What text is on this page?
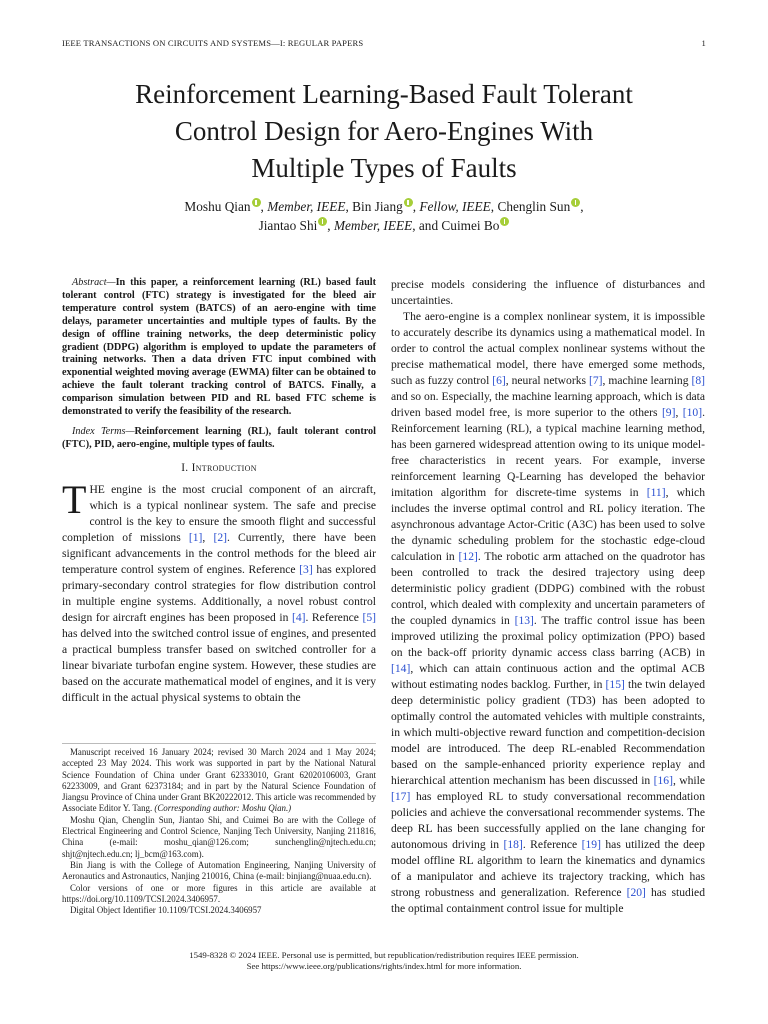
IEEE TRANSACTIONS ON CIRCUITS AND SYSTEMS—I: REGULAR PAPERS	1
Reinforcement Learning-Based Fault Tolerant
Control Design for Aero-Engines With
Multiple Types of Faults
Moshu Qian , Member, IEEE, Bin Jiang , Fellow, IEEE, Chenglin Sun ,
Jiantao Shi , Member, IEEE, and Cuimei Bo

Abstract—In this paper, a reinforcement learning (RL) based fault tolerant control (FTC) strategy is investigated for the bleed air temperature control system (BATCS) of an aero-engine with time delays, parameter uncertainties and multiple types of faults. By the design of offline training networks, the deep deterministic policy gradient (DDPG) algorithm is employed to update the parameters of training networks. Then a data driven FTC input combined with exponential weighted moving average (EWMA) filter can be obtained to achieve the fault tolerant tracking control of BATCS. Finally, a comparison simulation between PID and RL based FTC scheme is demonstrated to verify the feasibility of the research.

Index Terms—Reinforcement learning (RL), fault tolerant control (FTC), PID, aero-engine, multiple types of faults.

I. Introduction

THE engine is the most crucial component of an aircraft, which is a typical nonlinear system. The safe and precise control is the key to ensure the smooth flight and successful completion of missions [1], [2]. Currently, there have been significant advancements in the control methods for the bleed air temperature control system of engines. Reference [3] has explored primary-secondary control strategies for flow distribution control in multiple engine systems. Additionally, a novel robust control design for aircraft engines has been proposed in [4]. Reference [5] has delved into the switched control issue of engines, and presented a practical bumpless transfer based on switched controller for a linear bivariate turbofan engine system. However, these studies are based on the accurate mathematical model of engines, and it is very difficult in the actual physical systems to obtain the

Manuscript received 16 January 2024; revised 30 March 2024 and 1 May 2024; accepted 23 May 2024. This work was supported in part by the National Natural Science Foundation of China under Grant 62333010, Grant 62020106003, Grant 62233009, and Grant 62373184; and in part by the Natural Science Foundation of Jiangsu Province of China under Grant BK20222012. This article was recommended by Associate Editor Y. Tang. (Corresponding author: Moshu Qian.)

Moshu Qian, Chenglin Sun, Jiantao Shi, and Cuimei Bo are with the College of Electrical Engineering and Control Science, Nanjing Tech University, Nanjing 211816, China (e-mail: moshu_qian@126.com; sunchenglin@njtech.edu.cn; shjt@njtech.edu.cn; lj_bcm@163.com).

Bin Jiang is with the College of Automation Engineering, Nanjing University of Aeronautics and Astronautics, Nanjing 210016, China (e-mail: binjiang@nuaa.edu.cn).

Color versions of one or more figures in this article are available at https://doi.org/10.1109/TCSI.2024.3406957.

Digital Object Identifier 10.1109/TCSI.2024.3406957

precise models considering the influence of disturbances and uncertainties.

The aero-engine is a complex nonlinear system, it is impossible to accurately describe its dynamics using a mathematical model. In order to control the actual complex nonlinear systems without the precise mathematical model, there have emerged some methods, such as fuzzy control [6], neural networks [7], machine learning [8] and so on. Especially, the machine learning approach, which is data driven based model free, is more superior to the others [9], [10]. Reinforcement learning (RL), a typical machine learning method, has been garnered widespread attention owing to its unique model-free characteristics in recent years. For example, inverse reinforcement learning Q-Learning has developed the behavior imitation algorithm for discrete-time systems in [11], which includes the inverse optimal control and RL policy iteration. The asynchronous advantage Actor-Critic (A3C) has been used to solve the dynamic scheduling problem for the stochastic edge-cloud calculation in [12]. The robotic arm attached on the quadrotor has been controlled to track the desired trajectory using deep deterministic policy gradient (DDPG) combined with the robust control, which dealed with complexity and uncertain parameters of the coupled dynamics in [13]. The traffic control issue has been improved utilizing the proximal policy optimization (PPO) based on the back-off priority dynamic access class barring (ACB) in [14], which can attain continuous action and the optimal ACB without estimating nodes backlog. Further, in [15] the twin delayed deep deterministic policy gradient (TD3) has been adopted to optimally control the automated vehicles with multiple constraints, in which multi-objective reward function and competition-decision model are introduced. The deep RL-enabled Recommendation based on the sample-enhanced priority experience replay and hierarchical attention mechanism has been discussed in [16], while [17] has employed RL to study conversational recommendation policies and achieve the conversational recommender systems. The deep RL has been successfully applied on the lane changing for autonomous driving in [18]. Reference [19] has utilized the deep model offline RL algorithm to learn the kinematics and dynamics of a manipulator and achieve its trajectory tracking, which has strong robustness and generalization. Reference [20] has studied the optimal containment control issue for multiple

1549-8328 © 2024 IEEE. Personal use is permitted, but republication/redistribution requires IEEE permission.
See https://www.ieee.org/publications/rights/index.html for more information.
